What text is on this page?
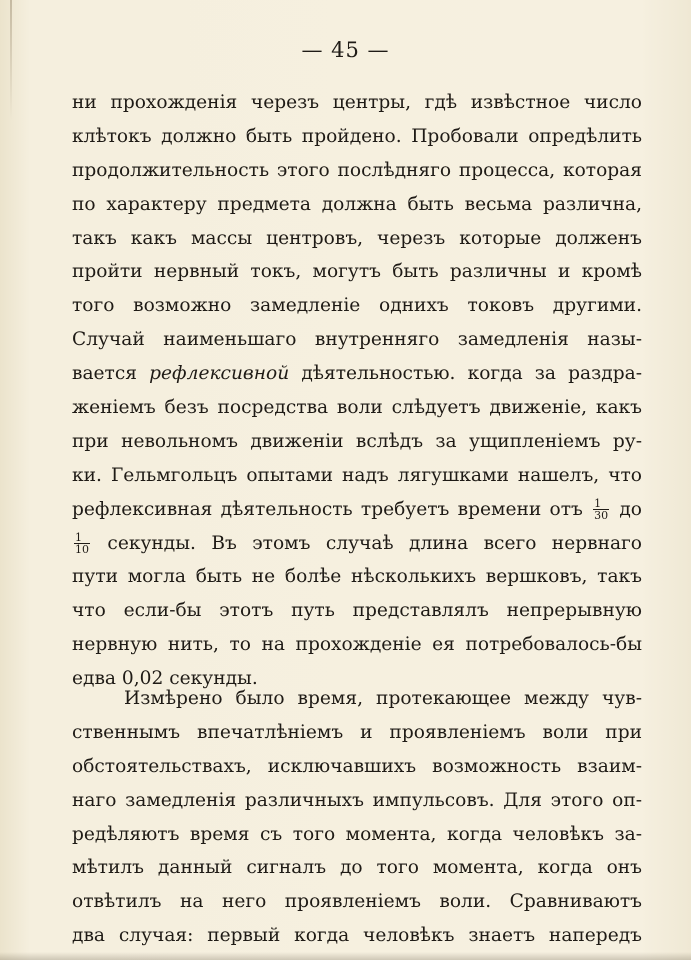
— 45 —
ни прохожденія черезъ центры, гдѣ извѣстное число
клѣтокъ должно быть пройдено. Пробовали опредѣлить
продолжительность этого послѣдняго процесса, которая
по характеру предмета должна быть весьма различна,
такъ какъ массы центровъ, черезъ которые долженъ
пройти нервный токъ, могутъ быть различны и кромѣ
того возможно замедленіе однихъ токовъ другими.
Случай наименьшаго внутренняго замедленія назы-
вается рефлексивной дѣятельностью. когда за раздра-
женіемъ безъ посредства воли слѣдуетъ движеніе, какъ
при невольномъ движеніи вслѣдъ за ущипленіемъ ру-
ки. Гельмгольцъ опытами надъ лягушками нашелъ, что
рефлексивная дѣятельность требуетъ времени отъ $\frac{1}{30}$ до
$\frac{1}{10}$ секунды. Въ этомъ случаѣ длина всего нервнаго
пути могла быть не болѣе нѣсколькихъ вершковъ, такъ
что если-бы этотъ путь представлялъ непрерывную
нервную нить, то на прохожденіе ея потребовалось-бы
едва 0,02 секунды.
Измѣрено было время, протекающее между чув-
ственнымъ впечатлѣніемъ и проявленіемъ воли при
обстоятельствахъ, исключавшихъ возможность взаим-
наго замедленія различныхъ импульсовъ. Для этого оп-
редѣляютъ время съ того момента, когда человѣкъ за-
мѣтилъ данный сигналъ до того момента, когда онъ
отвѣтилъ на него проявленіемъ воли. Сравниваютъ
два случая: первый когда человѣкъ знаетъ напередъ
